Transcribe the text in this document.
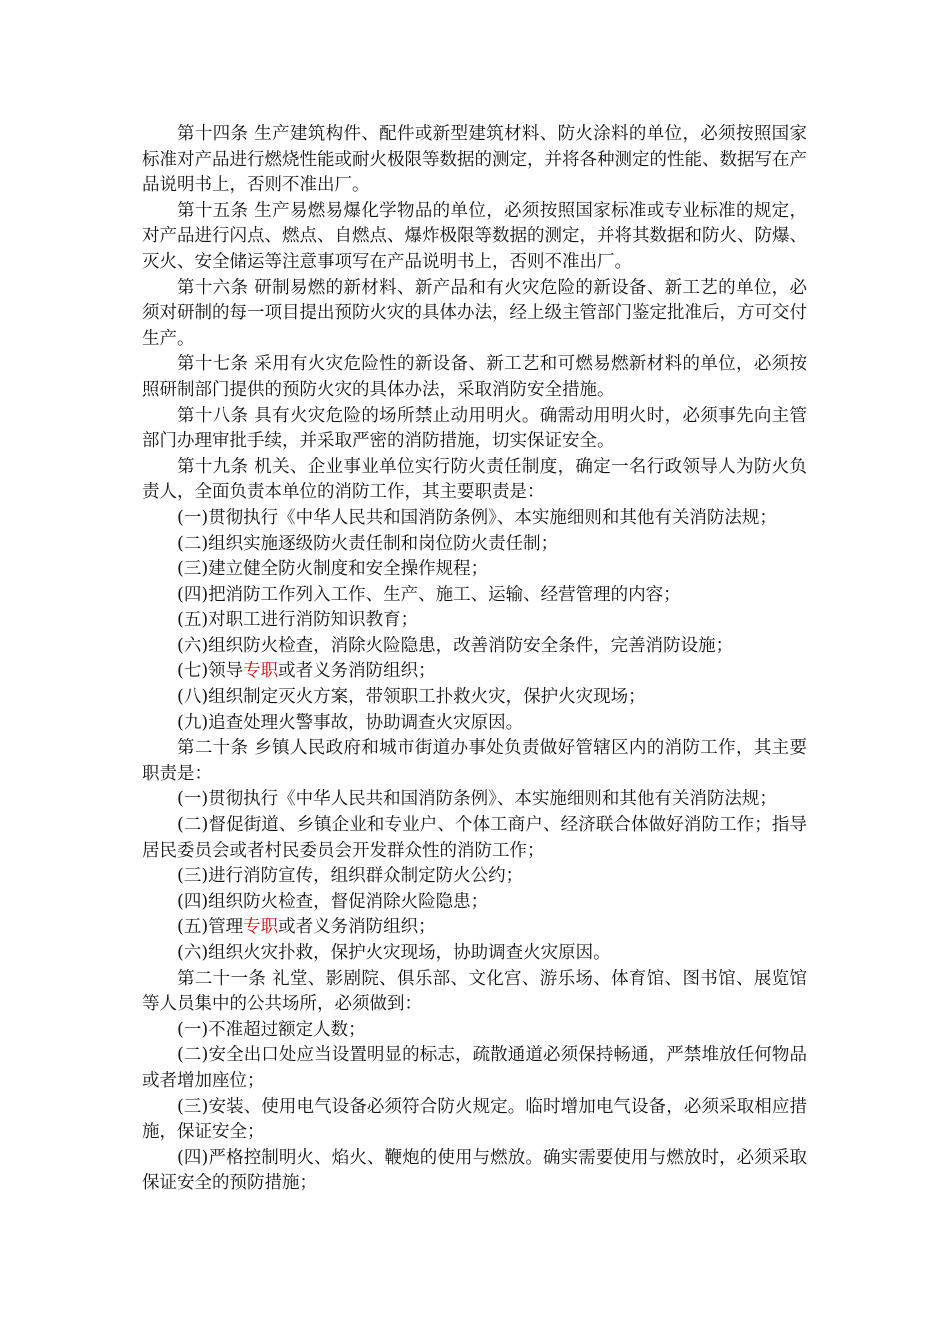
第十四条 生产建筑构件、配件或新型建筑材料、防火涂料的单位，必须按照国家标准对产品进行燃烧性能或耐火极限等数据的测定，并将各种测定的性能、数据写在产品说明书上，否则不准出厂。

第十五条 生产易燃易爆化学物品的单位，必须按照国家标准或专业标准的规定，对产品进行闪点、燃点、自燃点、爆炸极限等数据的测定，并将其数据和防火、防爆、灭火、安全储运等注意事项写在产品说明书上，否则不准出厂。

第十六条 研制易燃的新材料、新产品和有火灾危险的新设备、新工艺的单位，必须对研制的每一项目提出预防火灾的具体办法，经上级主管部门鉴定批准后，方可交付生产。

第十七条 采用有火灾危险性的新设备、新工艺和可燃易燃新材料的单位，必须按照研制部门提供的预防火灾的具体办法，采取消防安全措施。

第十八条 具有火灾危险的场所禁止动用明火。确需动用明火时，必须事先向主管部门办理审批手续，并采取严密的消防措施，切实保证安全。

第十九条 机关、企业事业单位实行防火责任制度，确定一名行政领导人为防火负责人，全面负责本单位的消防工作，其主要职责是：

(一)贯彻执行《中华人民共和国消防条例》、本实施细则和其他有关消防法规；

(二)组织实施逐级防火责任制和岗位防火责任制；

(三)建立健全防火制度和安全操作规程；

(四)把消防工作列入工作、生产、施工、运输、经营管理的内容；

(五)对职工进行消防知识教育；

(六)组织防火检查，消除火险隐患，改善消防安全条件，完善消防设施；

(七)领导专职或者义务消防组织；

(八)组织制定灭火方案，带领职工扑救火灾，保护火灾现场；

(九)追查处理火警事故，协助调查火灾原因。

第二十条 乡镇人民政府和城市街道办事处负责做好管辖区内的消防工作，其主要职责是：

(一)贯彻执行《中华人民共和国消防条例》、本实施细则和其他有关消防法规；

(二)督促街道、乡镇企业和专业户、个体工商户、经济联合体做好消防工作；指导居民委员会或者村民委员会开发群众性的消防工作；

(三)进行消防宣传，组织群众制定防火公约；

(四)组织防火检查，督促消除火险隐患；

(五)管理专职或者义务消防组织；

(六)组织火灾扑救，保护火灾现场，协助调查火灾原因。

第二十一条 礼堂、影剧院、俱乐部、文化宫、游乐场、体育馆、图书馆、展览馆等人员集中的公共场所，必须做到：

(一)不准超过额定人数；

(二)安全出口处应当设置明显的标志，疏散通道必须保持畅通，严禁堆放任何物品或者增加座位；

(三)安装、使用电气设备必须符合防火规定。临时增加电气设备，必须采取相应措施，保证安全；

(四)严格控制明火、焰火、鞭炮的使用与燃放。确实需要使用与燃放时，必须采取保证安全的预防措施；
